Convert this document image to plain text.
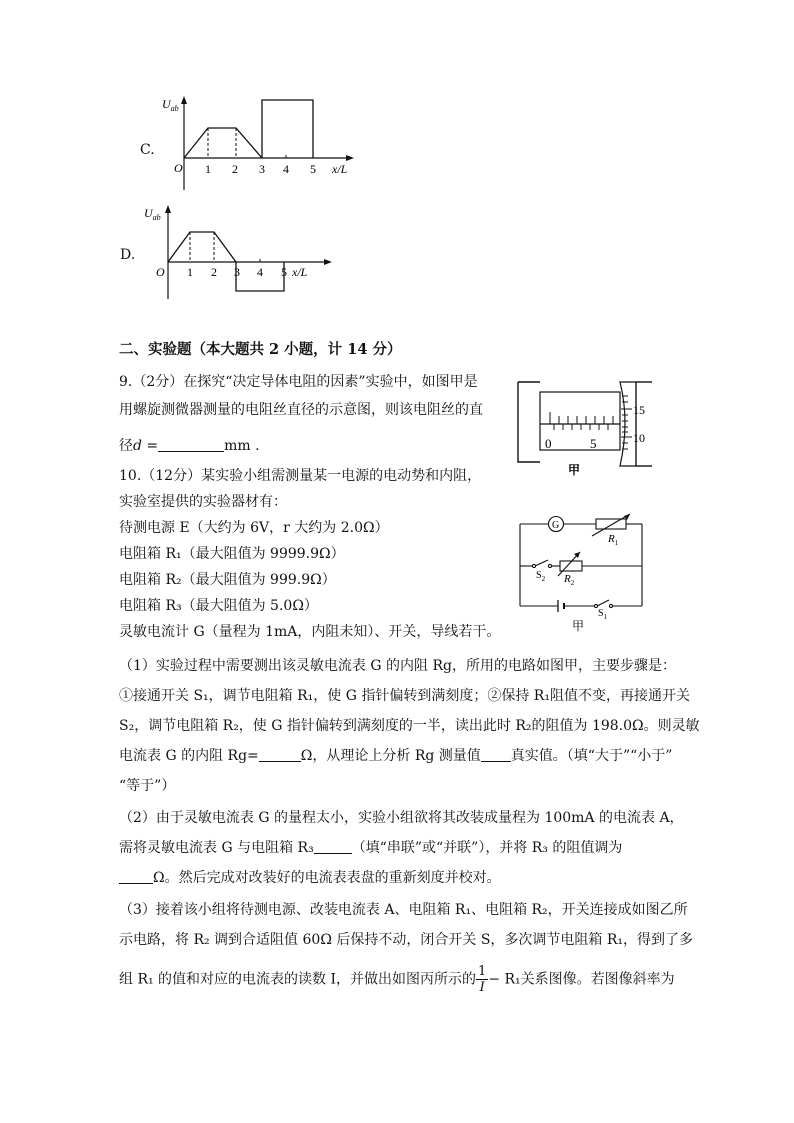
C.
$U_{ab}$
O 1 2 3 4 5 x/L
D.
$U_{ab}$
O 1 2 3 4 5 x/L
二、实验题（本大题共 2 小题，计 14 分）
9.（2分）在探究“决定导体电阻的因素”实验中，如图甲是
用螺旋测微器测量的电阻丝直径的示意图，则该电阻丝的直
径d =	mm .	0	5
15
10
甲
10.（12分）某实验小组需测量某一电源的电动势和内阻，
实验室提供的实验器材有：
待测电源 E（大约为 6V，r 大约为 2.0Ω）
电阻箱 R₁（最大阻值为 9999.9Ω）
电阻箱 R₂（最大阻值为 999.9Ω）
电阻箱 R₃（最大阻值为 5.0Ω）
灵敏电流计 G（量程为 1mA，内阻未知）、开关，导线若干。
G
$R_1$
$R_2$
$S_2$
$S_1$
甲
（1）实验过程中需要测出该灵敏电流表 G 的内阻 Rg，所用的电路如图甲，主要步骤是：
①接通开关 S₁，调节电阻箱 R₁，使 G 指针偏转到满刻度；②保持 R₁阻值不变，再接通开关
S₂，调节电阻箱 R₂，使 G 指针偏转到满刻度的一半，读出此时 R₂的阻值为 198.0Ω。则灵敏
电流表 G 的内阻 Rg=	Ω，从理论上分析 Rg 测量值 真实值。（填“大于”“小于”
“等于”）
（2）由于灵敏电流表 G 的量程太小，实验小组欲将其改装成量程为 100mA 的电流表 A，
需将灵敏电流表 G 与电阻箱 R₃	（填“串联”或“并联”），并将 R₃ 的阻值调为
Ω。然后完成对改装好的电流表表盘的重新刻度并校对。
（3）接着该小组将待测电源、改装电流表 A、电阻箱 R₁、电阻箱 R₂，开关连接成如图乙所
示电路，将 R₂ 调到合适阻值 60Ω 后保持不动，闭合开关 S，多次调节电阻箱 R₁，得到了多
组 R₁ 的值和对应的电流表的读数 I，并做出如图丙所示的 $\frac{1}{I} - R_1$关系图像。若图像斜率为
